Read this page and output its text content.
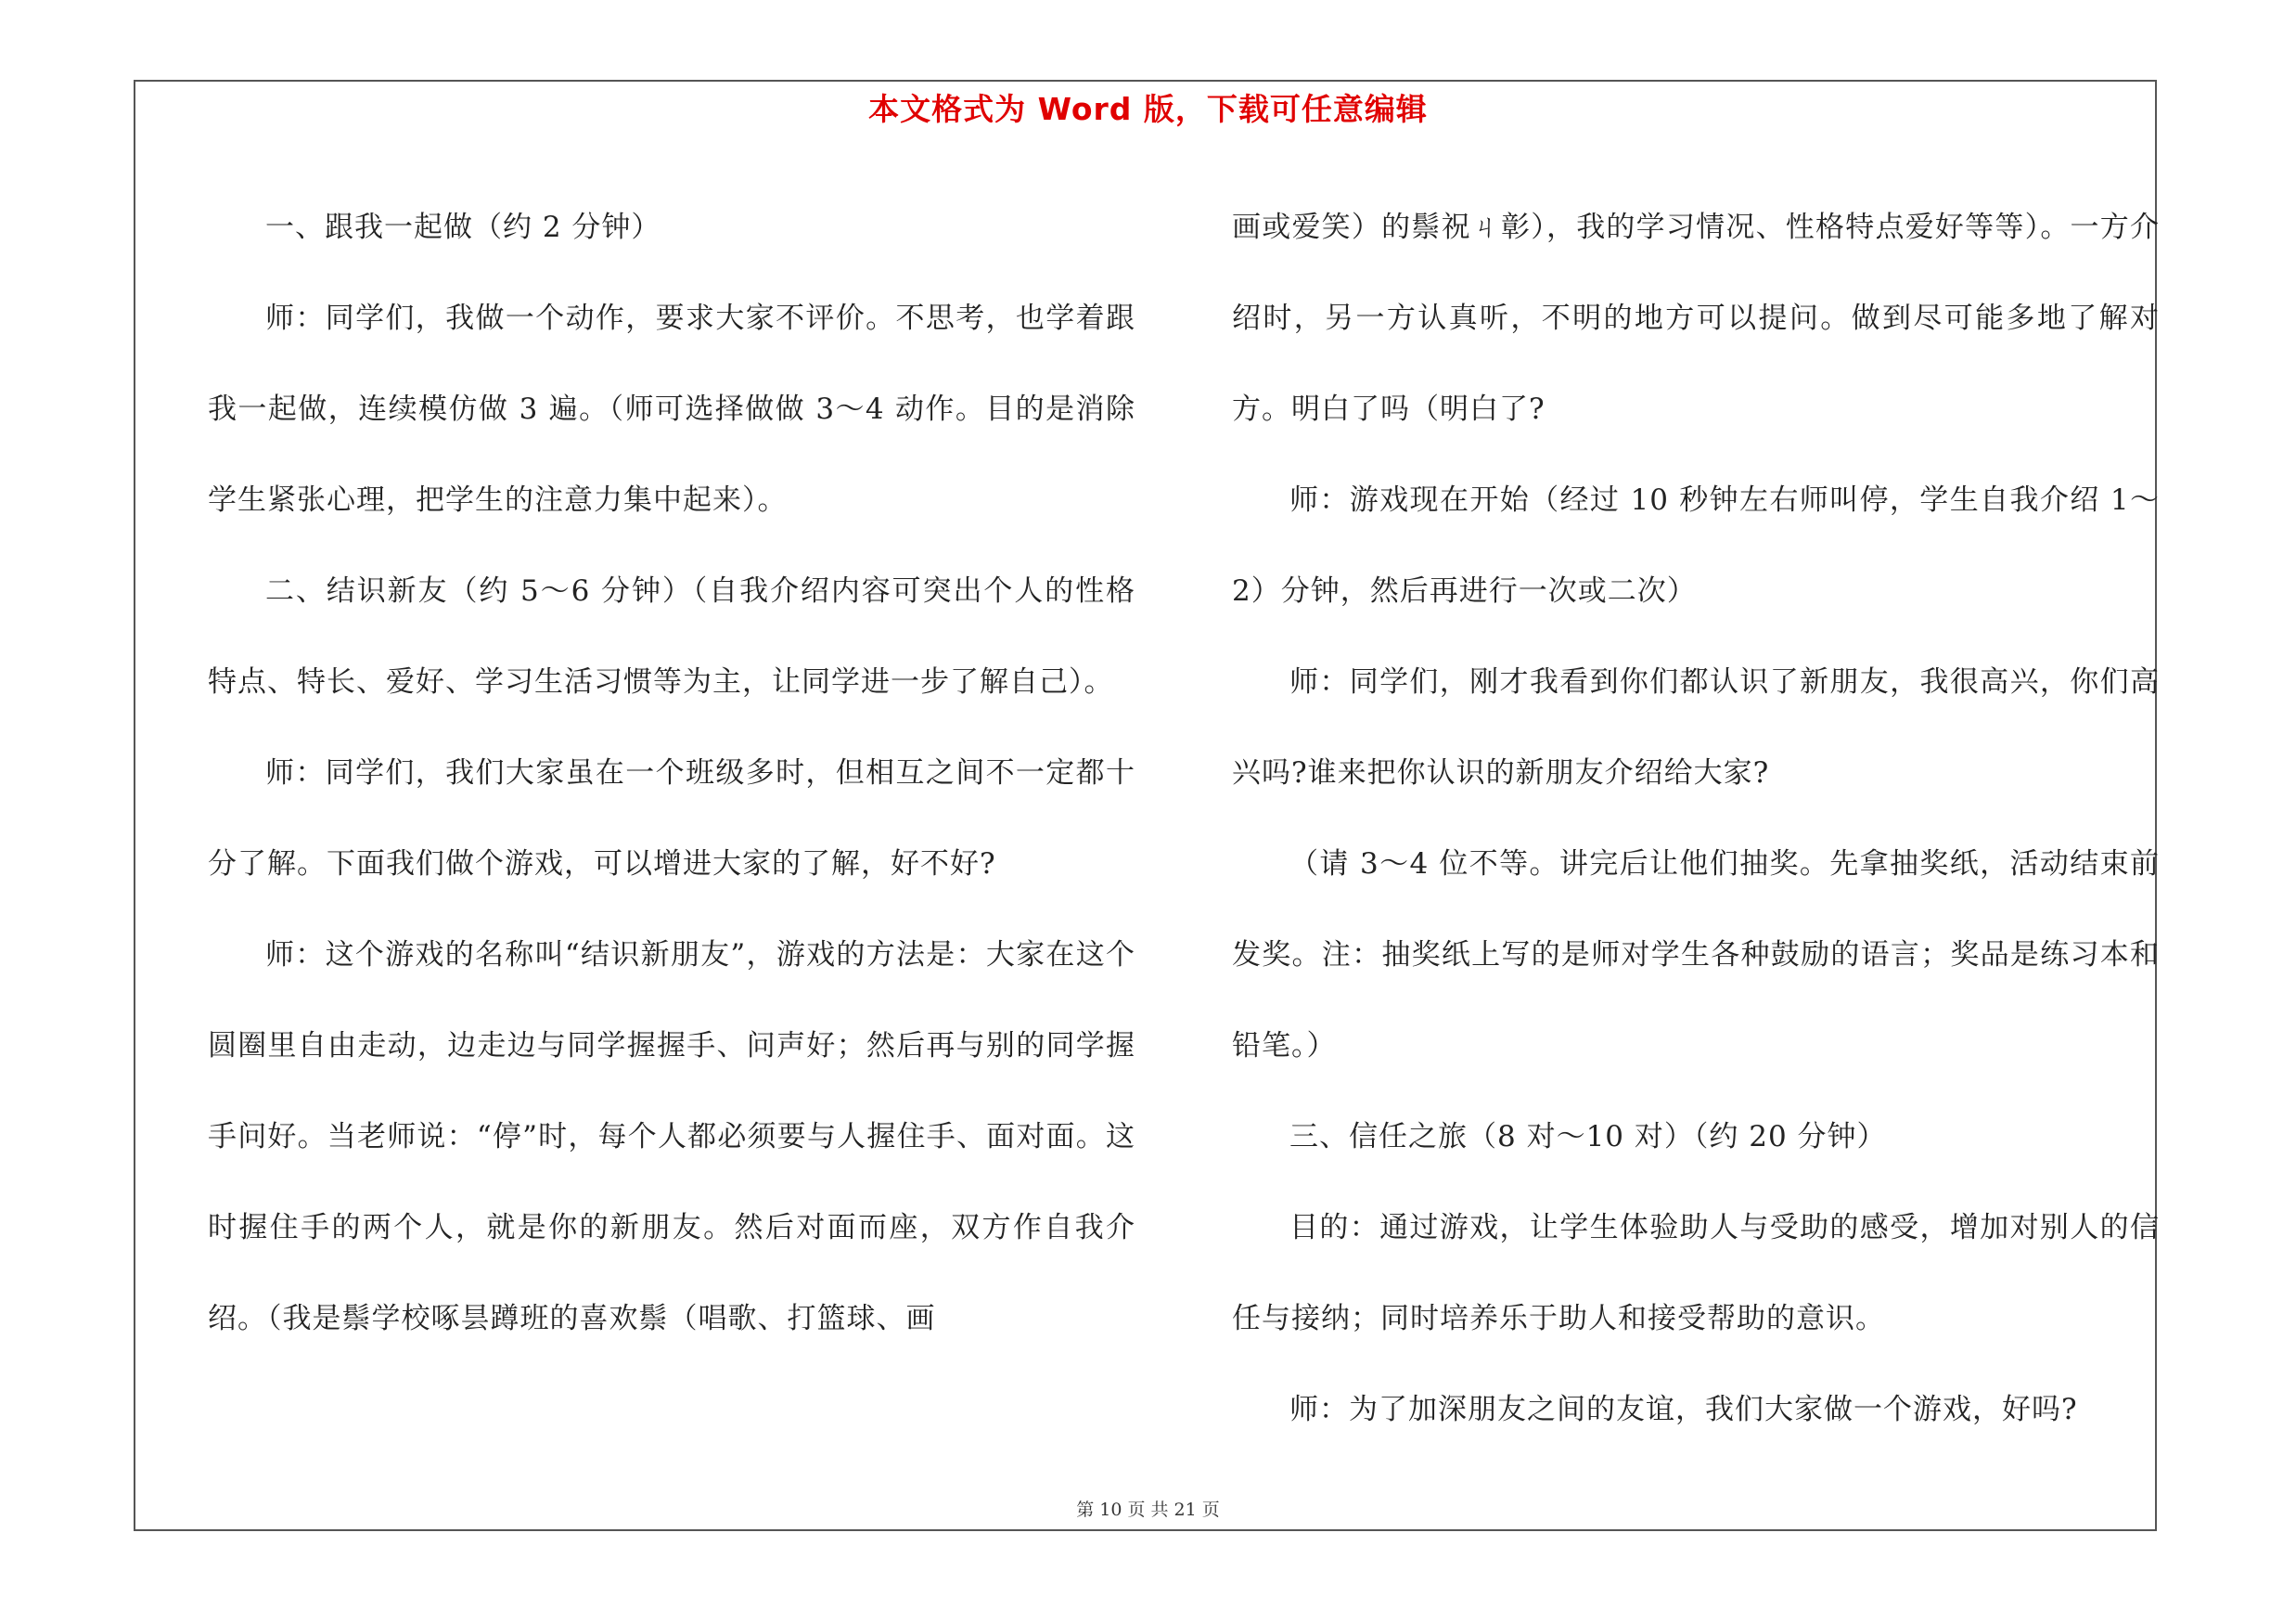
本文格式为 Word 版，下载可任意编辑

一、跟我一起做（约 2 分钟）

师：同学们，我做一个动作，要求大家不评价。不思考，也学着跟我一起做，连续模仿做 3 遍。（师可选择做做 3～4 动作。目的是消除学生紧张心理，把学生的注意力集中起来）。

二、结识新友（约 5～6 分钟）（自我介绍内容可突出个人的性格特点、特长、爱好、学习生活习惯等为主，让同学进一步了解自己）。

师：同学们，我们大家虽在一个班级多时，但相互之间不一定都十分了解。下面我们做个游戏，可以增进大家的了解，好不好?

师：这个游戏的名称叫“结识新朋友”，游戏的方法是：大家在这个圆圈里自由走动，边走边与同学握握手、问声好；然后再与别的同学握手问好。当老师说：“停”时，每个人都必须要与人握住手、面对面。这时握住手的两个人，就是你的新朋友。然后对面而座，双方作自我介绍。（我是鬃学校啄昙蹲班的喜欢鬃（唱歌、打篮球、画

画或爱笑）的鬃祝ㄐ彰），我的学习情况、性格特点爱好等等）。一方介绍时，另一方认真听，不明的地方可以提问。做到尽可能多地了解对方。明白了吗（明白了?

师：游戏现在开始（经过 10 秒钟左右师叫停，学生自我介绍 1～2）分钟，然后再进行一次或二次）

师：同学们，刚才我看到你们都认识了新朋友，我很高兴，你们高兴吗?谁来把你认识的新朋友介绍给大家?

（请 3～4 位不等。讲完后让他们抽奖。先拿抽奖纸，活动结束前发奖。注：抽奖纸上写的是师对学生各种鼓励的语言；奖品是练习本和铅笔。）

三、信任之旅（8 对～10 对）（约 20 分钟）

目的：通过游戏，让学生体验助人与受助的感受，增加对别人的信任与接纳；同时培养乐于助人和接受帮助的意识。

师：为了加深朋友之间的友谊，我们大家做一个游戏，好吗?

第 10 页 共 21 页
